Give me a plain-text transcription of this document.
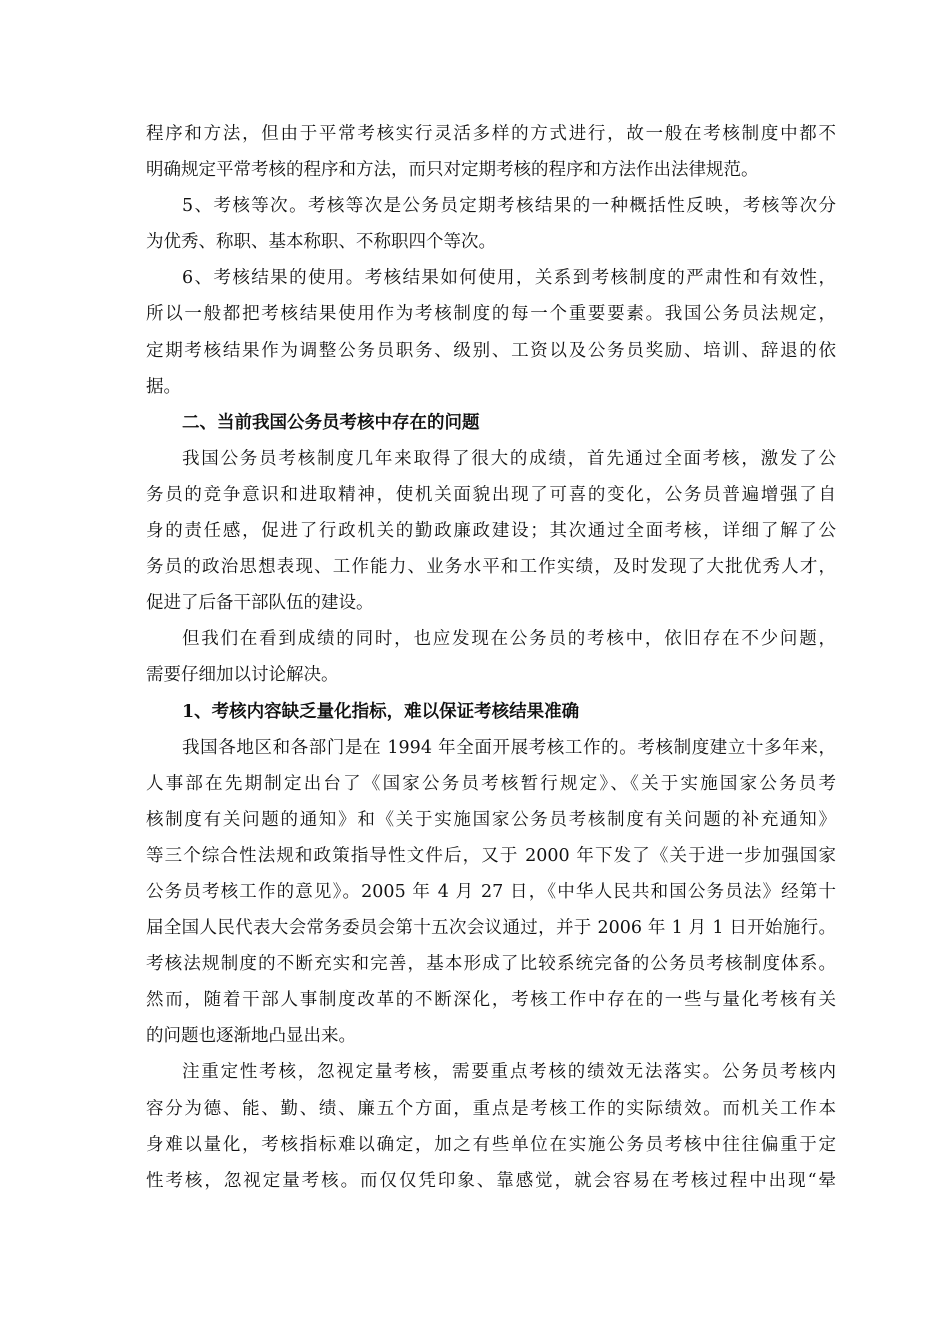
程序和方法，但由于平常考核实行灵活多样的方式进行，故一般在考核制度中都不
明确规定平常考核的程序和方法，而只对定期考核的程序和方法作出法律规范。
5、考核等次。考核等次是公务员定期考核结果的一种概括性反映，考核等次分
为优秀、称职、基本称职、不称职四个等次。
6、考核结果的使用。考核结果如何使用，关系到考核制度的严肃性和有效性，
所以一般都把考核结果使用作为考核制度的每一个重要要素。我国公务员法规定，
定期考核结果作为调整公务员职务、级别、工资以及公务员奖励、培训、辞退的依
据。
二、当前我国公务员考核中存在的问题
我国公务员考核制度几年来取得了很大的成绩，首先通过全面考核，激发了公
务员的竞争意识和进取精神，使机关面貌出现了可喜的变化，公务员普遍增强了自
身的责任感，促进了行政机关的勤政廉政建设；其次通过全面考核，详细了解了公
务员的政治思想表现、工作能力、业务水平和工作实绩，及时发现了大批优秀人才，
促进了后备干部队伍的建设。
但我们在看到成绩的同时，也应发现在公务员的考核中，依旧存在不少问题，
需要仔细加以讨论解决。
1、考核内容缺乏量化指标，难以保证考核结果准确
我国各地区和各部门是在 1994 年全面开展考核工作的。考核制度建立十多年来，
人事部在先期制定出台了《国家公务员考核暂行规定》、《关于实施国家公务员考
核制度有关问题的通知》和《关于实施国家公务员考核制度有关问题的补充通知》
等三个综合性法规和政策指导性文件后，又于 2000 年下发了《关于进一步加强国家
公务员考核工作的意见》。2005 年 4 月 27 日，《中华人民共和国公务员法》经第十
届全国人民代表大会常务委员会第十五次会议通过，并于 2006 年 1 月 1 日开始施行。
考核法规制度的不断充实和完善，基本形成了比较系统完备的公务员考核制度体系。
然而，随着干部人事制度改革的不断深化，考核工作中存在的一些与量化考核有关
的问题也逐渐地凸显出来。
注重定性考核，忽视定量考核，需要重点考核的绩效无法落实。公务员考核内
容分为德、能、勤、绩、廉五个方面，重点是考核工作的实际绩效。而机关工作本
身难以量化，考核指标难以确定，加之有些单位在实施公务员考核中往往偏重于定
性考核，忽视定量考核。而仅仅凭印象、靠感觉，就会容易在考核过程中出现“晕
